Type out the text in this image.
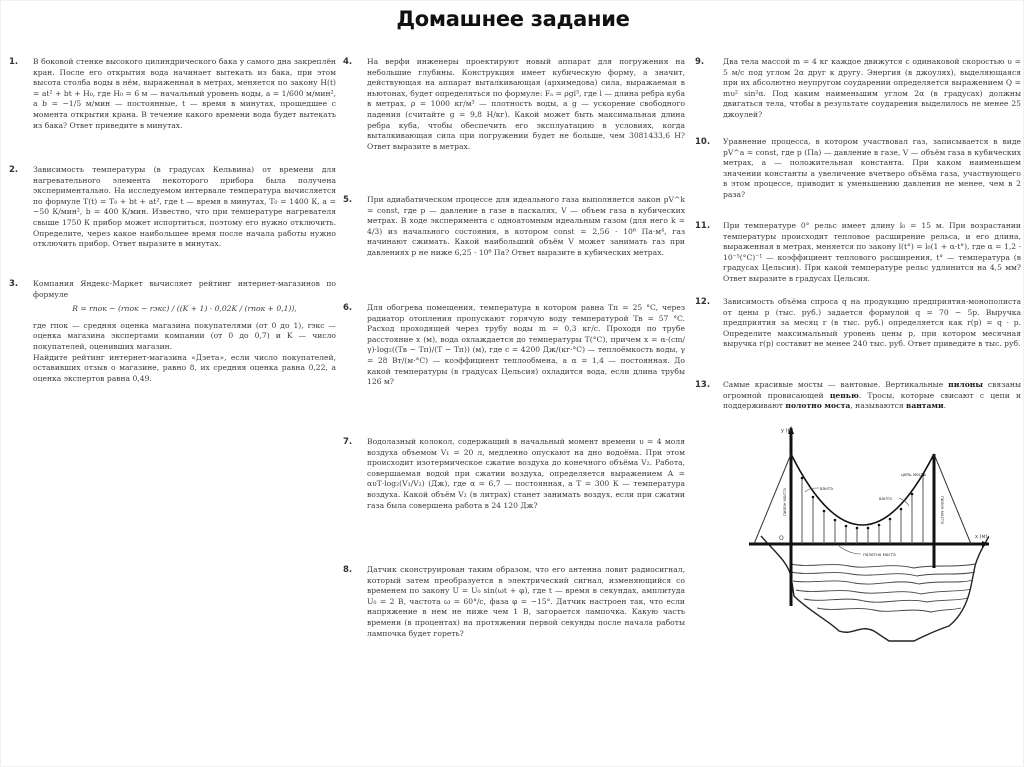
Домашнее задание
1. В боковой стенке высокого цилиндрического бака у самого дна закреплён кран. После его открытия вода начинает вытекать из бака, при этом высота столба воды в нём, выраженная в метрах, меняется по закону H(t) = at² + bt + H₀, где H₀ = 6 м — начальный уровень воды, a = 1/600 м/мин², а b = −1/5 м/мин — постоянные, t — время в минутах, прошедшее с момента открытия крана. В течение какого времени вода будет вытекать из бака? Ответ приведите в минутах.
2. Зависимость температуры (в градусах Кельвина) от времени для нагревательного элемента некоторого прибора была получена экспериментально. На исследуемом интервале температура вычисляется по формуле T(t) = T₀ + bt + at², где t — время в минутах, T₀ = 1400 К, a = −50 К/мин², b = 400 К/мин. Известно, что при температуре нагревателя свыше 1750 К прибор может испортиться, поэтому его нужно отключить. Определите, через какое наибольшее время после начала работы нужно отключить прибор. Ответ выразите в минутах.
3. Компания Яндекс-Маркет вычисляет рейтинг интернет-магазинов по формуле

R = rпок − (rпок − rэкс) / ((K + 1) · 0,02K / (rпок + 0,1)),

где rпок — средняя оценка магазина покупателями (от 0 до 1), rэкс — оценка магазина экспертами компании (от 0 до 0,7) и K — число покупателей, оценивших магазин.

Найдите рейтинг интернет-магазина «Дзета», если число покупателей, оставивших отзыв о магазине, равно 8, их средняя оценка равна 0,22, а оценка экспертов равна 0,49.

4. На верфи инженеры проектируют новый аппарат для погружения на небольшие глубины. Конструкция имеет кубическую форму, а значит, действующая на аппарат выталкивающая (архимедова) сила, выражаемая в ньютонах, будет определяться по формуле: Fₐ = ρgl³, где l — длина ребра куба в метрах, ρ = 1000 кг/м³ — плотность воды, а g — ускорение свободного падения (считайте g = 9,8 Н/кг). Какой может быть максимальная длина ребра куба, чтобы обеспечить его эксплуатацию в условиях, когда выталкивающая сила при погружении будет не больше, чем 3081433,6 Н? Ответ выразите в метрах.
5. При адиабатическом процессе для идеального газа выполняется закон pV^k = const, где p — давление в газе в паскалях, V — объем газа в кубических метрах. В ходе эксперимента с одноатомным идеальным газом (для него k = 4/3) из начального состояния, в котором const = 2,56 · 10⁶ Па·м⁴, газ начинают сжимать. Какой наибольший объём V может занимать газ при давлениях p не ниже 6,25 · 10⁶ Па? Ответ выразите в кубических метрах.
6. Для обогрева помещения, температура в котором равна Tп = 25 °C, через радиатор отопления пропускают горячую воду температурой Tв = 57 °C. Расход проходящей через трубу воды m = 0,3 кг/с. Проходя по трубе расстояние x (м), вода охлаждается до температуры T(°C), причем x = α·(cm/γ)·log₂((Tв − Tп)/(T − Tп)) (м), где c = 4200 Дж/(кг·°C) — теплоёмкость воды, γ = 28 Вт/(м·°C) — коэффициент теплообмена, а α = 1,4 — постоянная. До какой температуры (в градусах Цельсия) охладится вода, если длина трубы 126 м?
7. Водолазный колокол, содержащий в начальный момент времени υ = 4 моля воздуха объемом V₁ = 20 л, медленно опускают на дно водоёма. При этом происходит изотермическое сжатие воздуха до конечного объёма V₂. Работа, совершаемая водой при сжатии воздуха, определяется выражением A = αυT·log₂(V₁/V₂) (Дж), где α = 6,7 — постоянная, а T = 300 К — температура воздуха. Какой объём V₂ (в литрах) станет занимать воздух, если при сжатии газа была совершена работа в 24 120 Дж?
8. Датчик сконструирован таким образом, что его антенна ловит радиосигнал, который затем преобразуется в электрический сигнал, изменяющийся со временем по закону U = U₀ sin(ωt + φ), где t — время в секундах, амплитуда U₀ = 2 В, частота ω = 60°/с, фаза φ = −15°. Датчик настроен так, что если напряжение в нем не ниже чем 1 В, загорается лампочка. Какую часть времени (в процентах) на протяжении первой секунды после начала работы лампочка будет гореть?
9. Два тела массой m = 4 кг каждое движутся с одинаковой скоростью υ = 5 м/с под углом 2α друг к другу. Энергия (в джоулях), выделяющаяся при их абсолютно неупругом соударении определяется выражением Q = mυ² sin²α. Под каким наименьшим углом 2α (в градусах) должны двигаться тела, чтобы в результате соударения выделилось не менее 25 джоулей?
10. Уравнение процесса, в котором участвовал газ, записывается в виде pV^a = const, где p (Па) — давление в газе, V — объём газа в кубических метрах, a — положительная константа. При каком наименьшем значении константы a увеличение вчетверо объёма газа, участвующего в этом процессе, приводит к уменьшению давления не менее, чем в 2 раза?
11. При температуре 0° рельс имеет длину l₀ = 15 м. При возрастании температуры происходит тепловое расширение рельса, и его длина, выраженная в метрах, меняется по закону l(t°) = l₀(1 + α·t°), где α = 1,2 · 10⁻⁵(°C)⁻¹ — коэффициент теплового расширения, t° — температура (в градусах Цельсия). При какой температуре рельс удлинится на 4,5 мм? Ответ выразите в градусах Цельсия.
12. Зависимость объёма спроса q на продукцию предприятия-монополиста от цены p (тыс. руб.) задается формулой q = 70 − 5p. Выручка предприятия за месяц r (в тыс. руб.) определяется как r(p) = q · p. Определите максимальный уровень цены p, при котором месячная выручка r(p) составит не менее 240 тыс. руб. Ответ приведите в тыс. руб.
13. Самые красивые мосты — вантовые. Вертикальные пилоны связаны огромной провисающей цепью. Тросы, которые свисают с цепи и поддерживают полотно моста, называются вантами.
y (м)
x (м)
O
ванта
ванта
цепь моста
полотно моста
пилон моста	пилон моста
